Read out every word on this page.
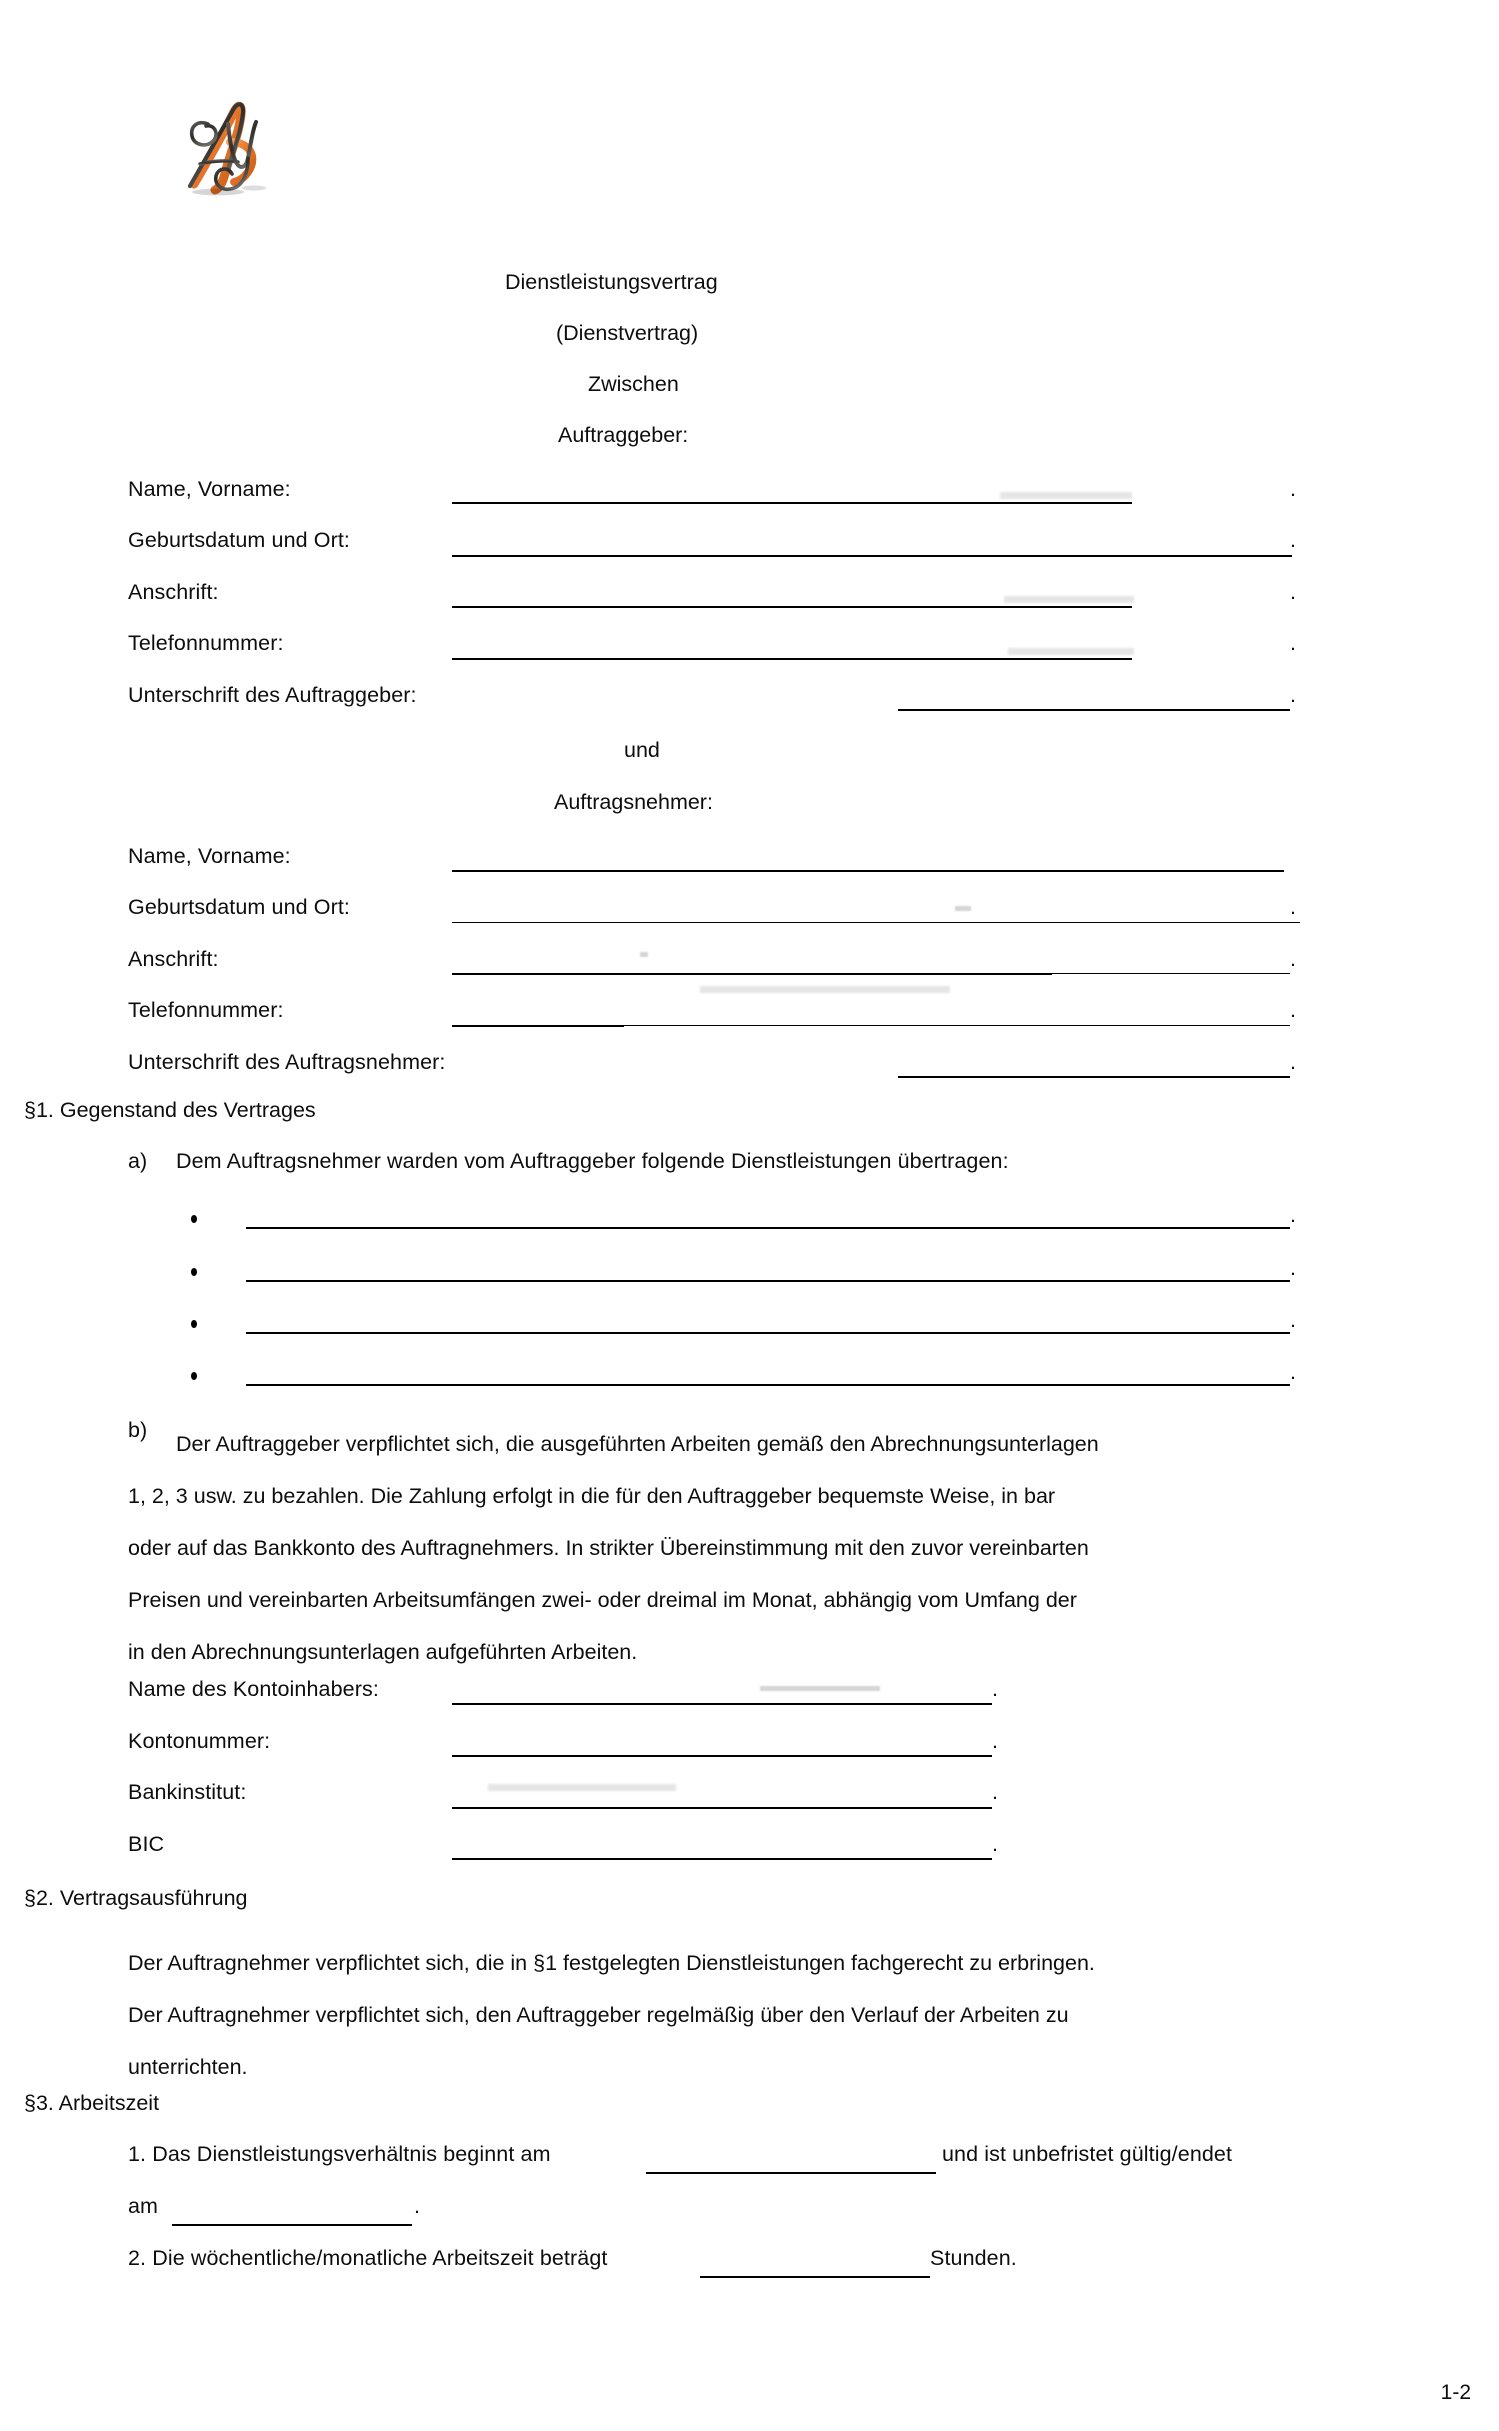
Dienstleistungsvertrag
(Dienstvertrag)
Zwischen
Auftraggeber:
Name, Vorname:	.
Geburtsdatum und Ort:	.
Anschrift:	.
Telefonnummer:	.
Unterschrift des Auftraggeber:	.
und
Auftragsnehmer:
Name, Vorname:
Geburtsdatum und Ort:	.
Anschrift:	.
Telefonnummer:	.
Unterschrift des Auftragsnehmer:	.
§1. Gegenstand des Vertrages
a) Dem Auftragsnehmer warden vom Auftraggeber folgende Dienstleistungen übertragen:
.
.
.
.
b)
Der Auftraggeber verpflichtet sich, die ausgeführten Arbeiten gemäß den Abrechnungsunterlagen
1, 2, 3 usw. zu bezahlen. Die Zahlung erfolgt in die für den Auftraggeber bequemste Weise, in bar
oder auf das Bankkonto des Auftragnehmers. In strikter Übereinstimmung mit den zuvor vereinbarten
Preisen und vereinbarten Arbeitsumfängen zwei- oder dreimal im Monat, abhängig vom Umfang der
in den Abrechnungsunterlagen aufgeführten Arbeiten.
Name des Kontoinhabers:	.
Kontonummer:	.
Bankinstitut:	.
BIC	.
§2. Vertragsausführung
Der Auftragnehmer verpflichtet sich, die in §1 festgelegten Dienstleistungen fachgerecht zu erbringen.
Der Auftragnehmer verpflichtet sich, den Auftraggeber regelmäßig über den Verlauf der Arbeiten zu
unterrichten.
§3. Arbeitszeit
1. Das Dienstleistungsverhältnis beginnt am	und ist unbefristet gültig/endet
am	.
2. Die wöchentliche/monatliche Arbeitszeit beträgt	Stunden.
1-2
